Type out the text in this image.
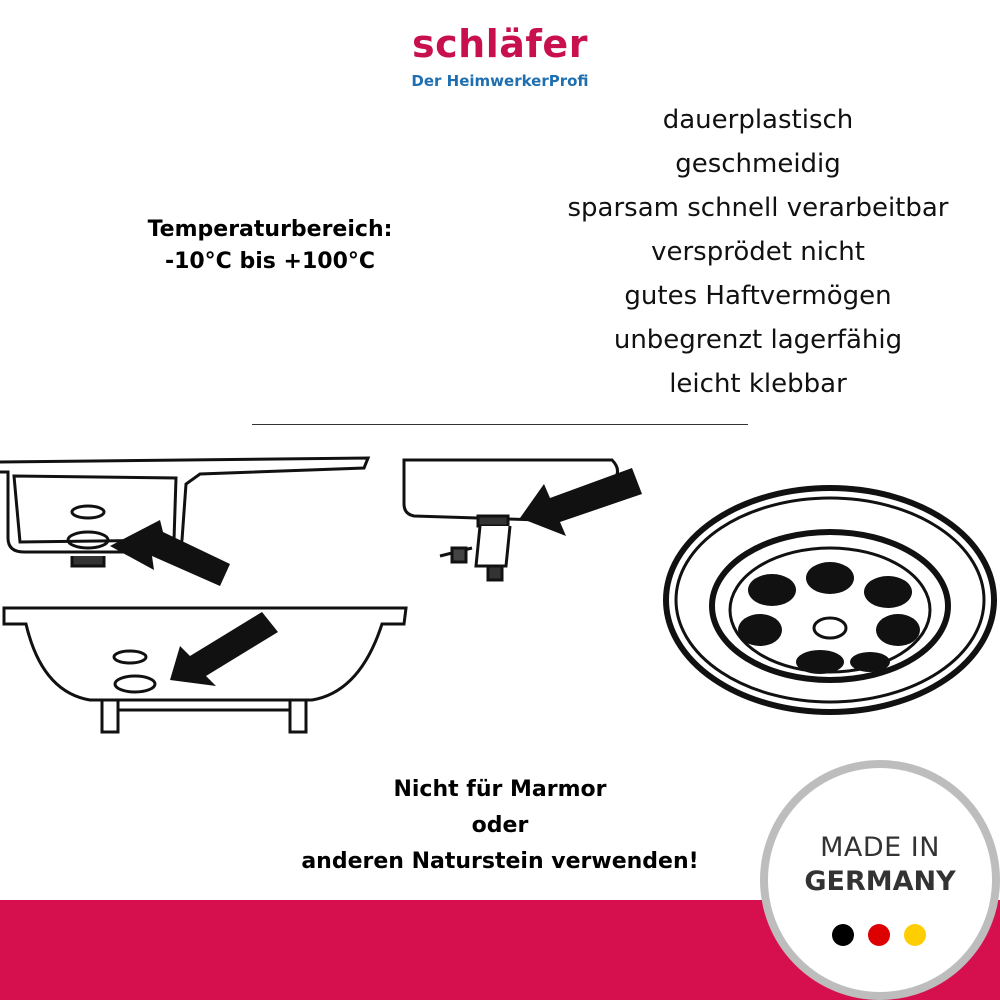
schläfer
Der HeimwerkerProfi
Temperaturbereich:
-10°C bis +100°C
dauerplastisch
geschmeidig
sparsam schnell verarbeitbar
versprödet nicht
gutes Haftvermögen
unbegrenzt lagerfähig
leicht klebbar
Nicht für Marmor
oder
anderen Naturstein verwenden!	MADE IN
GERMANY
